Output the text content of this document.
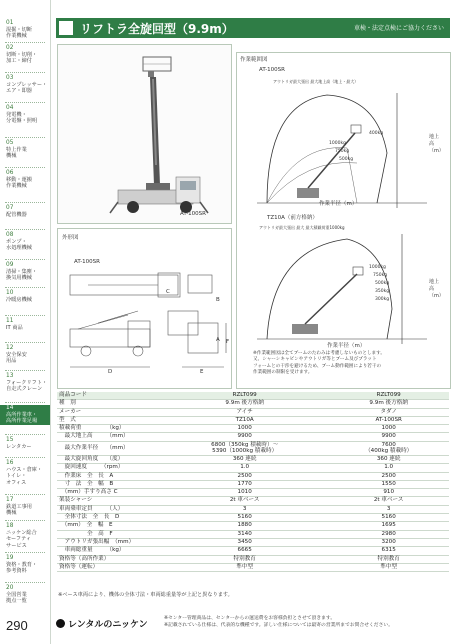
01
混掘・切断
作業機械
02
切断・切削・
加工・締付
03
コンプレッサー・
エア・即器
04
発電機・
分電盤・照明
05
特上作業
機械
06
移動・運搬
作業機械
07
配管機器
08
ポンプ・
水処理機械
09
清掃・集塵・
換気用機械
10
冷暖房機械
11
IT 商品
12
安全保安
用品
13
フォークリフト・
自走式クレーン
14
高所作業車・
高所作業足場
15
レンタカー
16
ハウス・倉庫・
トイレ・
オフィス
17
鉄道工事用
機械
18
ニッケン総合
セーフティ
サービス
19
資格・教育・
参考資料
20
全国営業
拠点一覧
290
リフトラ全旋回型（9.9m）	車検・法定点検にご協力ください
AT-100SR
作業範囲図
AT-100SR
アウトリガ最大張出 最大地上高（地上・最大）
1000kg
750kg
500kg
400kg
地上高（m）
作業半径（m）
TZ10A（前方格納）
アウトリガ最大張出 最大 最大積載荷重1000kg
1000kg
750kg
500kg
350kg
300kg
地上高（m）
作業半径（m）
※作業範囲図は全てブームのたわみは考慮しないものとします。
又、シャーシキャビンやアウトリガ等とブーム及びプラット
フォームとの干渉を避けるため、ブーム動作範囲により若干の
作業範囲の制限を受けます。
外形図
AT-100SR
C
A
B
D	E
F
商品コード	RZLT099	RZLT099
種　別	9.9m 後方格納	9.9m 後方格納
メーカー	アイチ	タダノ
型　式	TZ10A	AT-100SR
積載荷重　　　　　（kg）	1000	1000
　最大地上高　　　（mm）	9900	9900
　最大作業半径　　（mm）	6800（350kg 積載時）〜
5390（1000kg 積載時）	7600
（400kg 積載時）
　最大旋回角度　　（度）	360 連続	360 連続
　旋回速度　　　（rpm）	1.0	1.0
　作業床　全　長　A	2500	2500
　寸　法　全　幅　B	1770	1550
　（mm）手すり高さ C	1010	910
架装シャーシ	2t 車ベース	2t 車ベース
車両乗車定員　　　（人）	3	3
　全体寸法　全　長　D	5160	5160
　（mm）　全　幅　E	1880	1695
　　　　　全　高　F	3140	2980
　アウトリガ張出幅　（mm）	3450	3200
　車両総重量　　　（kg）	6665	6315
資格等（高所作業）	特別教育	特別教育
資格等（運転）	準中型	準中型
※ベース車両により、機体の全体寸法・車両総重量等が上記と異なります。
レンタルのニッケン
※センター管理商品は、センターからの運送費をお客様負担とさせて頂きます。
※記載されている仕様は、代表的な機種です。詳しい仕様については最寄の営業所までお問合せください。
